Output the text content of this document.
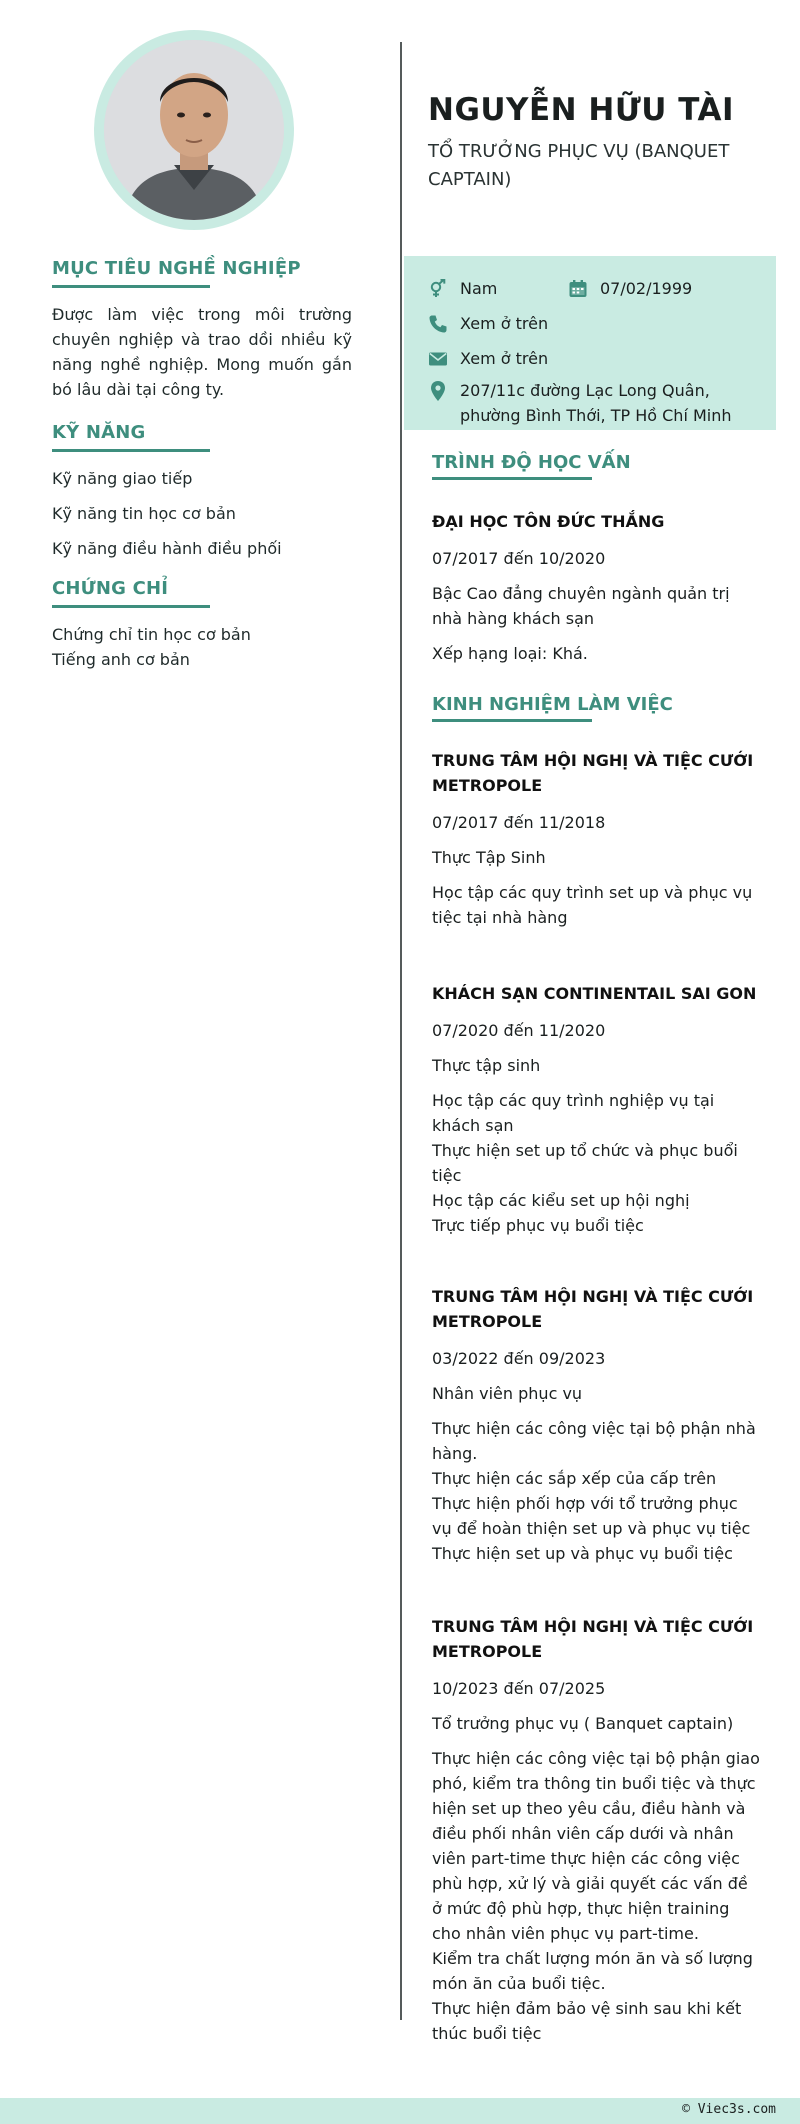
MỤC TIÊU NGHỀ NGHIỆP
Được làm việc trong môi trường chuyên nghiệp và trao dồi nhiều kỹ năng nghề nghiệp. Mong muốn gắn bó lâu dài tại công ty.
KỸ NĂNG
Kỹ năng giao tiếp
Kỹ năng tin học cơ bản
Kỹ năng điều hành điều phối
CHỨNG CHỈ
Chứng chỉ tin học cơ bản
Tiếng anh cơ bản
NGUYỄN HỮU TÀI
TỔ TRƯỞNG PHỤC VỤ (BANQUET CAPTAIN)
Nam	07/02/1999
Xem ở trên
Xem ở trên
207/11c đường Lạc Long Quân, phường Bình Thới, TP Hồ Chí Minh
TRÌNH ĐỘ HỌC VẤN
ĐẠI HỌC TÔN ĐỨC THẮNG
07/2017 đến 10/2020
Bậc Cao đẳng chuyên ngành quản trị nhà hàng khách sạn
Xếp hạng loại: Khá.
KINH NGHIỆM LÀM VIỆC
TRUNG TÂM HỘI NGHỊ VÀ TIỆC CƯỚI METROPOLE
07/2017 đến 11/2018
Thực Tập Sinh
Học tập các quy trình set up và phục vụ tiệc tại nhà hàng
KHÁCH SẠN CONTINENTAIL SAI GON
07/2020 đến 11/2020
Thực tập sinh
Học tập các quy trình nghiệp vụ tại khách sạn
Thực hiện set up tổ chức và phục buổi tiệc
Học tập các kiểu set up hội nghị
Trực tiếp phục vụ buổi tiệc
TRUNG TÂM HỘI NGHỊ VÀ TIỆC CƯỚI METROPOLE
03/2022 đến 09/2023
Nhân viên phục vụ
Thực hiện các công việc tại bộ phận nhà hàng.
Thực hiện các sắp xếp của cấp trên
Thực hiện phối hợp với tổ trưởng phục vụ để hoàn thiện set up và phục vụ tiệc
Thực hiện set up và phục vụ buổi tiệc
TRUNG TÂM HỘI NGHỊ VÀ TIỆC CƯỚI METROPOLE
10/2023 đến 07/2025
Tổ trưởng phục vụ ( Banquet captain)
Thực hiện các công việc tại bộ phận giao phó, kiểm tra thông tin buổi tiệc và thực hiện set up theo yêu cầu, điều hành và điều phối nhân viên cấp dưới và nhân viên part-time thực hiện các công việc phù hợp, xử lý và giải quyết các vấn đề ở mức độ phù hợp, thực hiện training cho nhân viên phục vụ part-time.
Kiểm tra chất lượng món ăn và số lượng món ăn của buổi tiệc.
Thực hiện đảm bảo vệ sinh sau khi kết thúc buổi tiệc
© Viec3s.com
